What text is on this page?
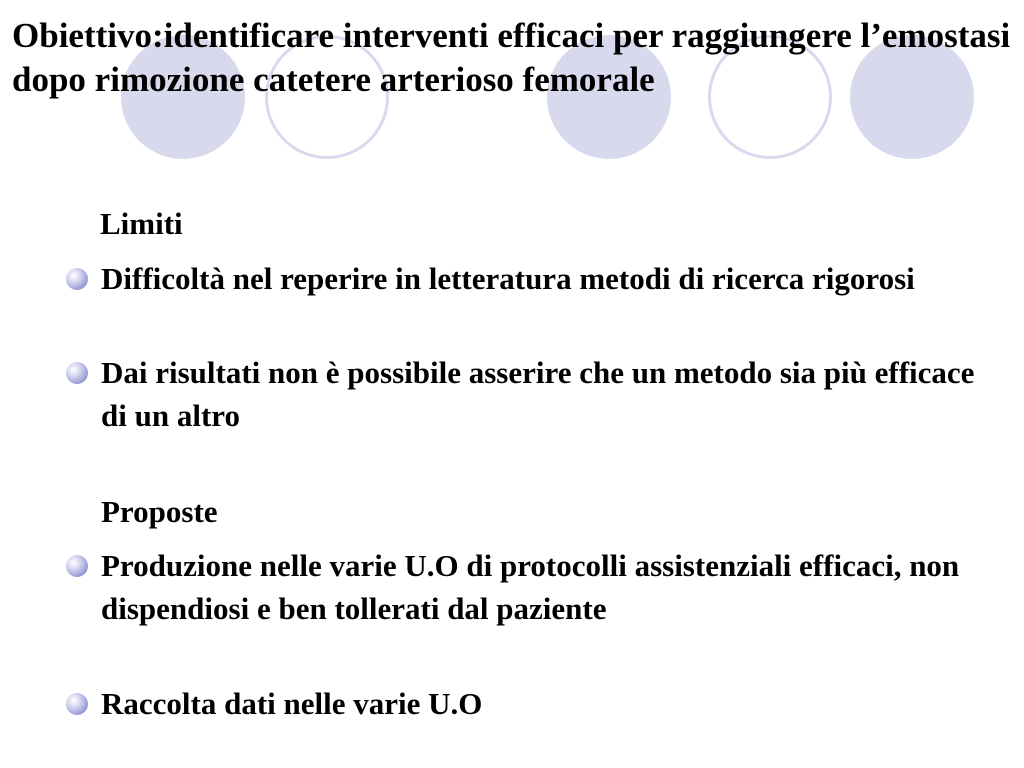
Obiettivo:identificare interventi efficaci per raggiungere l’emostasi dopo rimozione catetere arterioso femorale

Limiti

Difficoltà nel reperire in letteratura metodi di ricerca rigorosi

Dai risultati non è possibile asserire che un metodo sia più efficace di un altro

Proposte

Produzione nelle varie U.O di protocolli assistenziali efficaci, non dispendiosi e ben tollerati dal paziente

Raccolta dati nelle varie U.O
